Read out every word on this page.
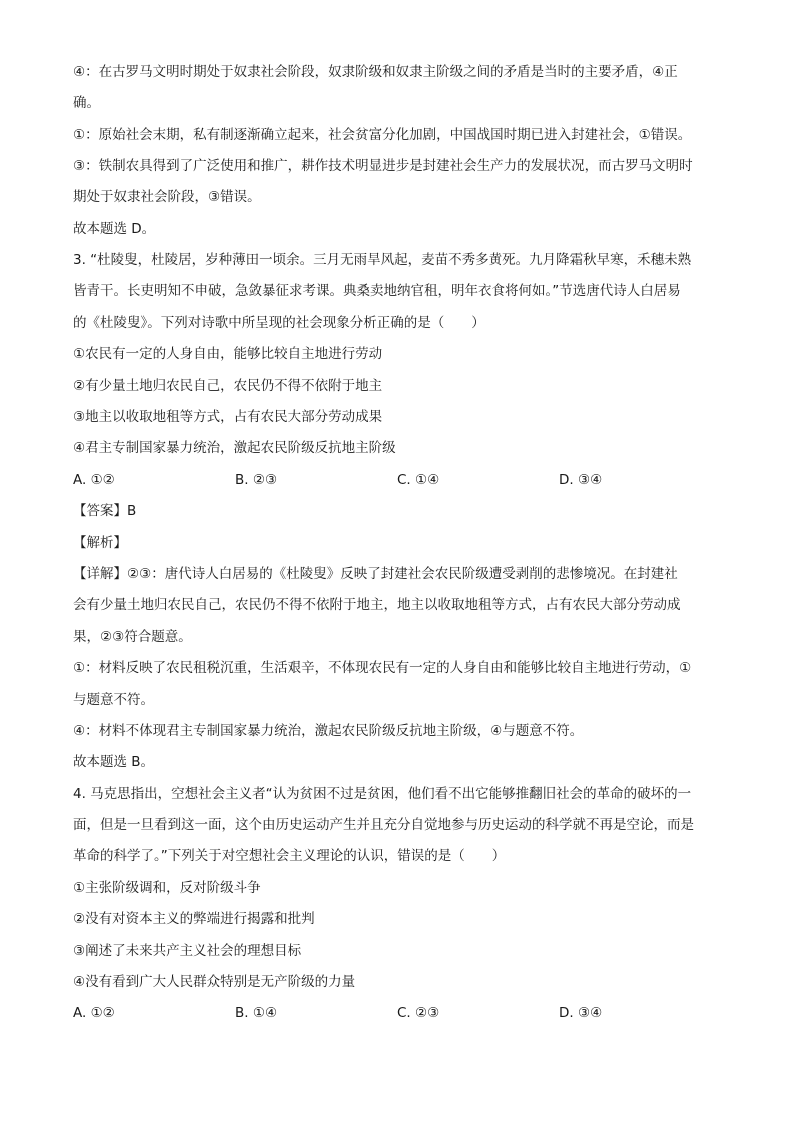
④：在古罗马文明时期处于奴隶社会阶段，奴隶阶级和奴隶主阶级之间的矛盾是当时的主要矛盾，④正
确。
①：原始社会末期，私有制逐渐确立起来，社会贫富分化加剧，中国战国时期已进入封建社会，①错误。
③：铁制农具得到了广泛使用和推广，耕作技术明显进步是封建社会生产力的发展状况，而古罗马文明时
期处于奴隶社会阶段，③错误。
故本题选 D。
3. “杜陵叟，杜陵居，岁种薄田一顷余。三月无雨旱风起，麦苗不秀多黄死。九月降霜秋早寒，禾穗未熟
皆青干。长吏明知不申破，急敛暴征求考课。典桑卖地纳官租，明年衣食将何如。”节选唐代诗人白居易
的《杜陵叟》。下列对诗歌中所呈现的社会现象分析正确的是（　　）
①农民有一定的人身自由，能够比较自主地进行劳动
②有少量土地归农民自己，农民仍不得不依附于地主
③地主以收取地租等方式，占有农民大部分劳动成果
④君主专制国家暴力统治，激起农民阶级反抗地主阶级
A. ①②	B. ②③	C. ①④	D. ③④
【答案】B
【解析】
【详解】②③：唐代诗人白居易的《杜陵叟》反映了封建社会农民阶级遭受剥削的悲惨境况。在封建社
会有少量土地归农民自己，农民仍不得不依附于地主，地主以收取地租等方式，占有农民大部分劳动成
果，②③符合题意。
①：材料反映了农民租税沉重，生活艰辛，不体现农民有一定的人身自由和能够比较自主地进行劳动，①
与题意不符。
④：材料不体现君主专制国家暴力统治，激起农民阶级反抗地主阶级，④与题意不符。
故本题选 B。
4. 马克思指出，空想社会主义者“认为贫困不过是贫困，他们看不出它能够推翻旧社会的革命的破坏的一
面，但是一旦看到这一面，这个由历史运动产生并且充分自觉地参与历史运动的科学就不再是空论，而是
革命的科学了。”下列关于对空想社会主义理论的认识，错误的是（　　）
①主张阶级调和，反对阶级斗争
②没有对资本主义的弊端进行揭露和批判
③阐述了未来共产主义社会的理想目标
④没有看到广大人民群众特别是无产阶级的力量
A. ①②	B. ①④	C. ②③	D. ③④
